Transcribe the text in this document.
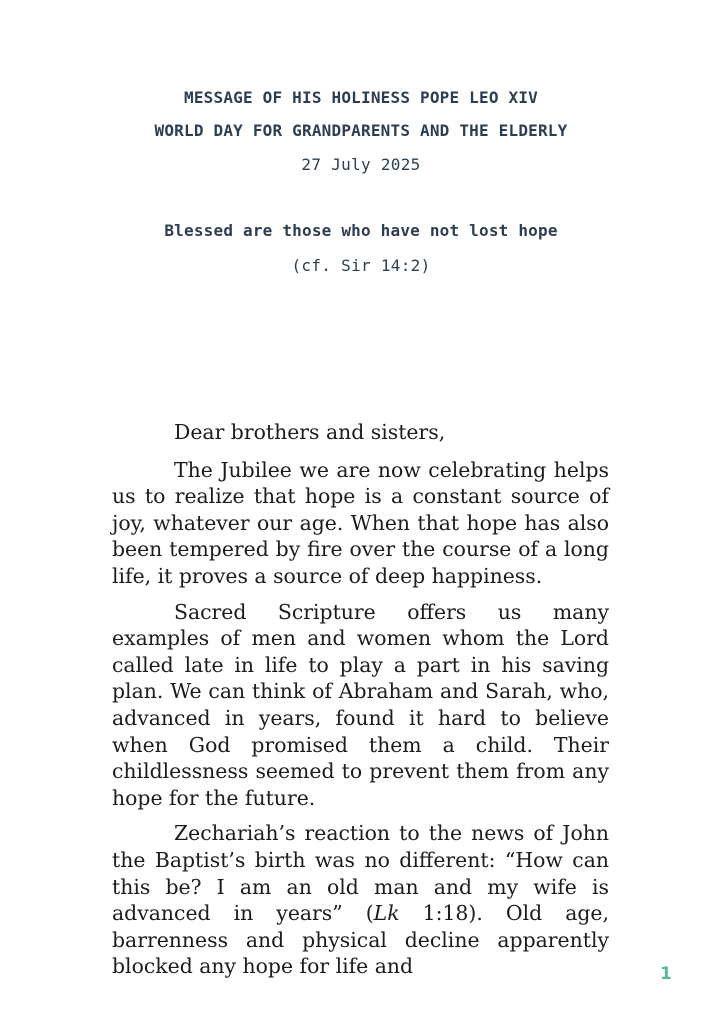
MESSAGE OF HIS HOLINESS POPE LEO XIV
WORLD DAY FOR GRANDPARENTS AND THE ELDERLY
27 July 2025
Blessed are those who have not lost hope
(cf. Sir 14:2)

Dear brothers and sisters,

The Jubilee we are now celebrating helps us to realize that hope is a constant source of joy, whatever our age. When that hope has also been tempered by fire over the course of a long life, it proves a source of deep happiness.

Sacred Scripture offers us many examples of men and women whom the Lord called late in life to play a part in his saving plan. We can think of Abraham and Sarah, who, advanced in years, found it hard to believe when God promised them a child. Their childlessness seemed to prevent them from any hope for the future.

Zechariah’s reaction to the news of John the Baptist’s birth was no different: “How can this be? I am an old man and my wife is advanced in years” (Lk 1:18). Old age, barrenness and physical decline apparently blocked any hope for life and	1
